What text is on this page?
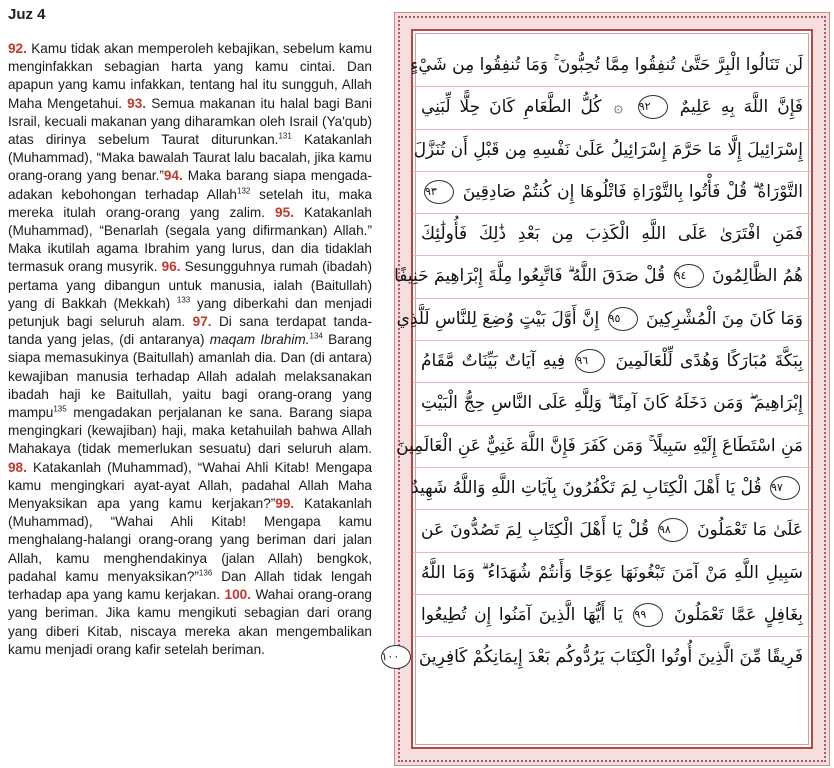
Juz 4
92. Kamu tidak akan memperoleh kebajikan, sebelum kamu menginfakkan sebagian harta yang kamu cintai. Dan apapun yang kamu infakkan, tentang hal itu sungguh, Allah Maha Mengetahui. 93. Semua makanan itu halal bagi Bani Israil, kecuali makanan yang diharamkan oleh Israil (Ya'qub) atas dirinya sebelum Taurat diturunkan.$^{131}$ Katakanlah (Muhammad), “Maka bawalah Taurat lalu bacalah, jika kamu orang-orang yang benar.”94. Maka barang siapa mengada-adakan kebohongan terhadap Allah$^{132}$ setelah itu, maka mereka itulah orang-orang yang zalim. 95. Katakanlah (Muhammad), “Benarlah (segala yang difirmankan) Allah.” Maka ikutilah agama Ibrahim yang lurus, dan dia tidaklah termasuk orang musyrik. 96. Sesungguhnya rumah (ibadah) pertama yang dibangun untuk manusia, ialah (Baitullah) yang di Bakkah (Mekkah) $^{133}$ yang diberkahi dan menjadi petunjuk bagi seluruh alam. 97. Di sana terdapat tanda-tanda yang jelas, (di antaranya) maqam Ibrahim.$^{134}$ Barang siapa memasukinya (Baitullah) amanlah dia. Dan (di antara) kewajiban manusia terhadap Allah adalah melaksanakan ibadah haji ke Baitullah, yaitu bagi orang-orang yang mampu$^{135}$ mengadakan perjalanan ke sana. Barang siapa mengingkari (kewajiban) haji, maka ketahuilah bahwa Allah Mahakaya (tidak memerlukan sesuatu) dari seluruh alam. 98. Katakanlah (Muhammad), “Wahai Ahli Kitab! Mengapa kamu mengingkari ayat-ayat Allah, padahal Allah Maha Menyaksikan apa yang kamu kerjakan?”99. Katakanlah (Muhammad), “Wahai Ahli Kitab! Mengapa kamu menghalang-halangi orang-orang yang beriman dari jalan Allah, kamu menghendakinya (jalan Allah) bengkok, padahal kamu menyaksikan?”$^{136}$ Dan Allah tidak lengah terhadap apa yang kamu kerjakan. 100. Wahai orang-orang yang beriman. Jika kamu mengikuti sebagian dari orang yang diberi Kitab, niscaya mereka akan mengembalikan kamu menjadi orang kafir setelah beriman.
لَن تَنَالُوا الْبِرَّ حَتَّىٰ تُنفِقُوا مِمَّا تُحِبُّونَ ۚ وَمَا تُنفِقُوا مِن شَيْءٍ
فَإِنَّ اللَّهَ بِهِ عَلِيمٌ ٩٢ ۞ كُلُّ الطَّعَامِ كَانَ حِلًّا لِّبَنِي
إِسْرَائِيلَ إِلَّا مَا حَرَّمَ إِسْرَائِيلُ عَلَىٰ نَفْسِهِ مِن قَبْلِ أَن تُنَزَّلَ
التَّوْرَاةُ ۗ قُلْ فَأْتُوا بِالتَّوْرَاةِ فَاتْلُوهَا إِن كُنتُمْ صَادِقِينَ ٩٣
فَمَنِ افْتَرَىٰ عَلَى اللَّهِ الْكَذِبَ مِن بَعْدِ ذَٰلِكَ فَأُولَٰئِكَ
هُمُ الظَّالِمُونَ ٩٤ قُلْ صَدَقَ اللَّهُ ۗ فَاتَّبِعُوا مِلَّةَ إِبْرَاهِيمَ حَنِيفًا
وَمَا كَانَ مِنَ الْمُشْرِكِينَ ٩٥ إِنَّ أَوَّلَ بَيْتٍ وُضِعَ لِلنَّاسِ لَلَّذِي
بِبَكَّةَ مُبَارَكًا وَهُدًى لِّلْعَالَمِينَ ٩٦ فِيهِ آيَاتٌ بَيِّنَاتٌ مَّقَامُ
إِبْرَاهِيمَ ۖ وَمَن دَخَلَهُ كَانَ آمِنًا ۗ وَلِلَّهِ عَلَى النَّاسِ حِجُّ الْبَيْتِ
مَنِ اسْتَطَاعَ إِلَيْهِ سَبِيلًا ۚ وَمَن كَفَرَ فَإِنَّ اللَّهَ غَنِيٌّ عَنِ الْعَالَمِينَ
٩٧ قُلْ يَا أَهْلَ الْكِتَابِ لِمَ تَكْفُرُونَ بِآيَاتِ اللَّهِ وَاللَّهُ شَهِيدٌ
عَلَىٰ مَا تَعْمَلُونَ ٩٨ قُلْ يَا أَهْلَ الْكِتَابِ لِمَ تَصُدُّونَ عَن
سَبِيلِ اللَّهِ مَنْ آمَنَ تَبْغُونَهَا عِوَجًا وَأَنتُمْ شُهَدَاءُ ۗ وَمَا اللَّهُ
بِغَافِلٍ عَمَّا تَعْمَلُونَ ٩٩ يَا أَيُّهَا الَّذِينَ آمَنُوا إِن تُطِيعُوا
فَرِيقًا مِّنَ الَّذِينَ أُوتُوا الْكِتَابَ يَرُدُّوكُم بَعْدَ إِيمَانِكُمْ كَافِرِينَ ١٠٠
